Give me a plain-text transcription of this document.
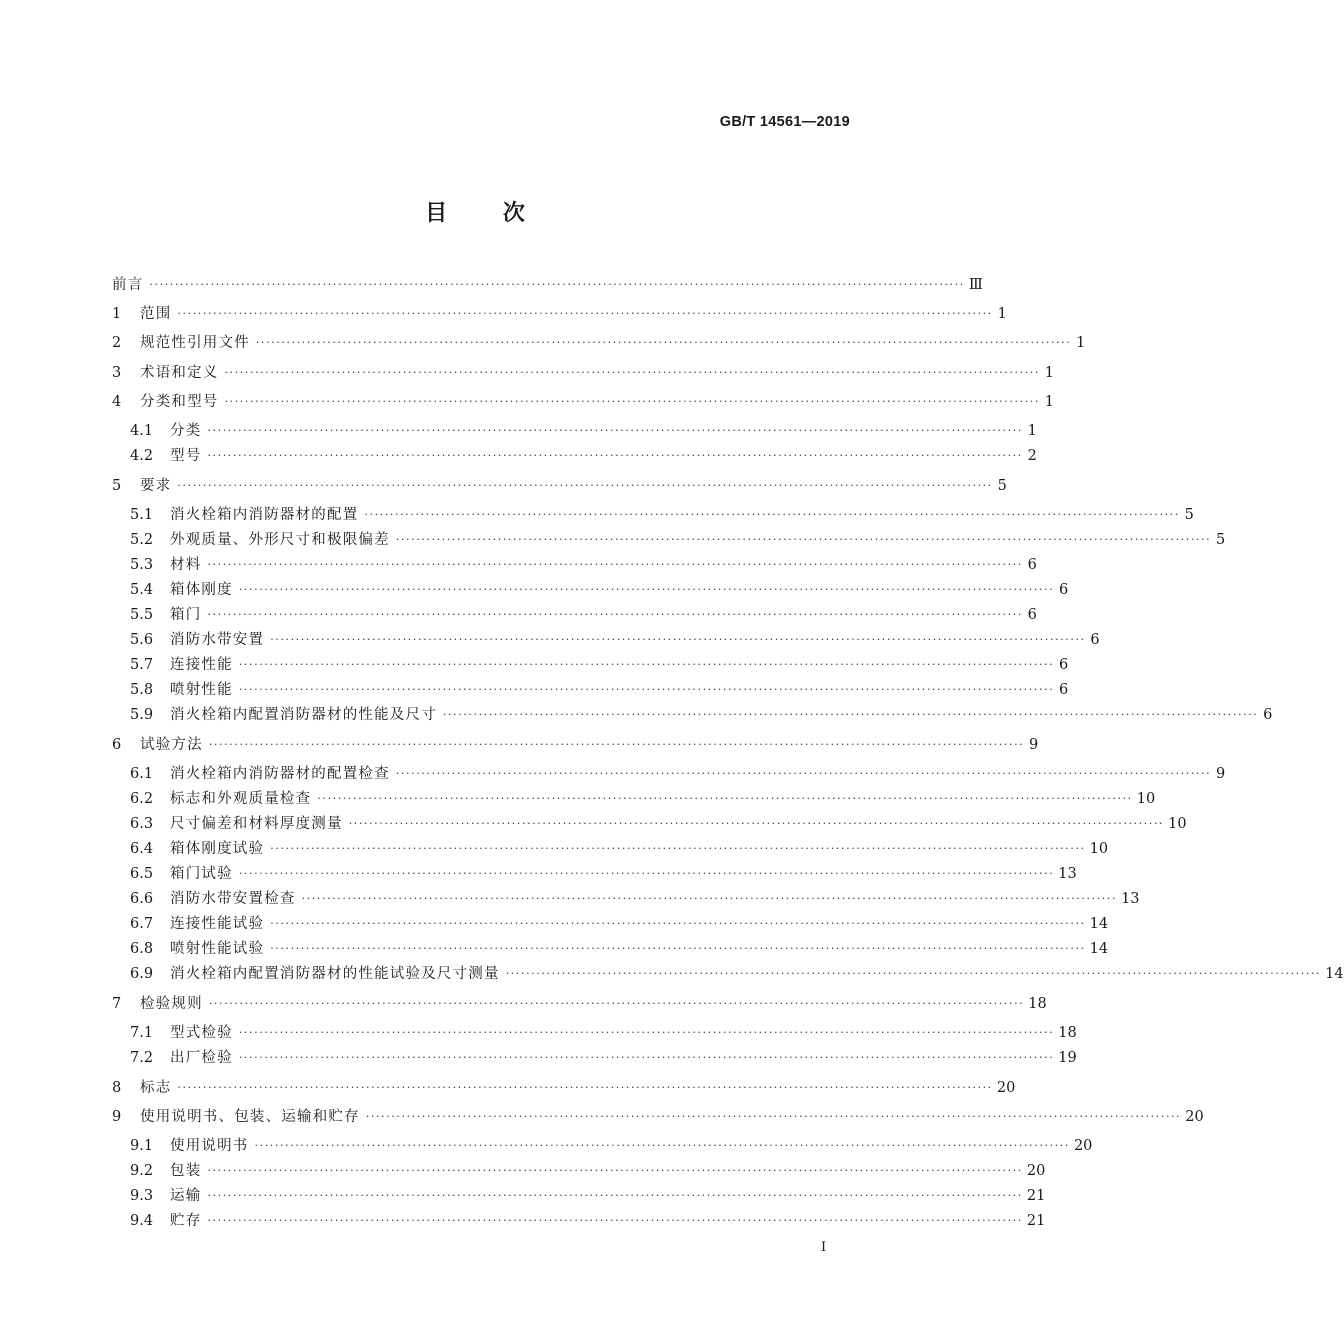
GB/T 14561—2019
目 次
前言 ································································································································································ Ⅲ
1	范围 ································································································································································ 1
2	规范性引用文件 ································································································································································ 1
3	术语和定义 ································································································································································ 1
4	分类和型号 ································································································································································ 1
4.1	分类 ································································································································································ 1
4.2	型号 ································································································································································ 2
5	要求 ································································································································································ 5
5.1	消火栓箱内消防器材的配置 ································································································································································ 5
5.2	外观质量、外形尺寸和极限偏差 ································································································································································ 5
5.3	材料 ································································································································································ 6
5.4	箱体刚度 ································································································································································ 6
5.5	箱门 ································································································································································ 6
5.6	消防水带安置 ································································································································································ 6
5.7	连接性能 ································································································································································ 6
5.8	喷射性能 ································································································································································ 6
5.9	消火栓箱内配置消防器材的性能及尺寸 ································································································································································ 6
6	试验方法 ································································································································································ 9
6.1	消火栓箱内消防器材的配置检查 ································································································································································ 9
6.2	标志和外观质量检查 ································································································································································ 10
6.3	尺寸偏差和材料厚度测量 ································································································································································ 10
6.4	箱体刚度试验 ································································································································································ 10
6.5	箱门试验 ································································································································································ 13
6.6	消防水带安置检查 ································································································································································ 13
6.7	连接性能试验 ································································································································································ 14
6.8	喷射性能试验 ································································································································································ 14
6.9	消火栓箱内配置消防器材的性能试验及尺寸测量 ································································································································································ 14
7	检验规则 ································································································································································ 18
7.1	型式检验 ································································································································································ 18
7.2	出厂检验 ································································································································································ 19
8	标志 ································································································································································ 20
9	使用说明书、包装、运输和贮存 ································································································································································ 20
9.1	使用说明书 ································································································································································ 20
9.2	包装 ································································································································································ 20
9.3	运输 ································································································································································ 21
9.4	贮存 ································································································································································ 21
I
